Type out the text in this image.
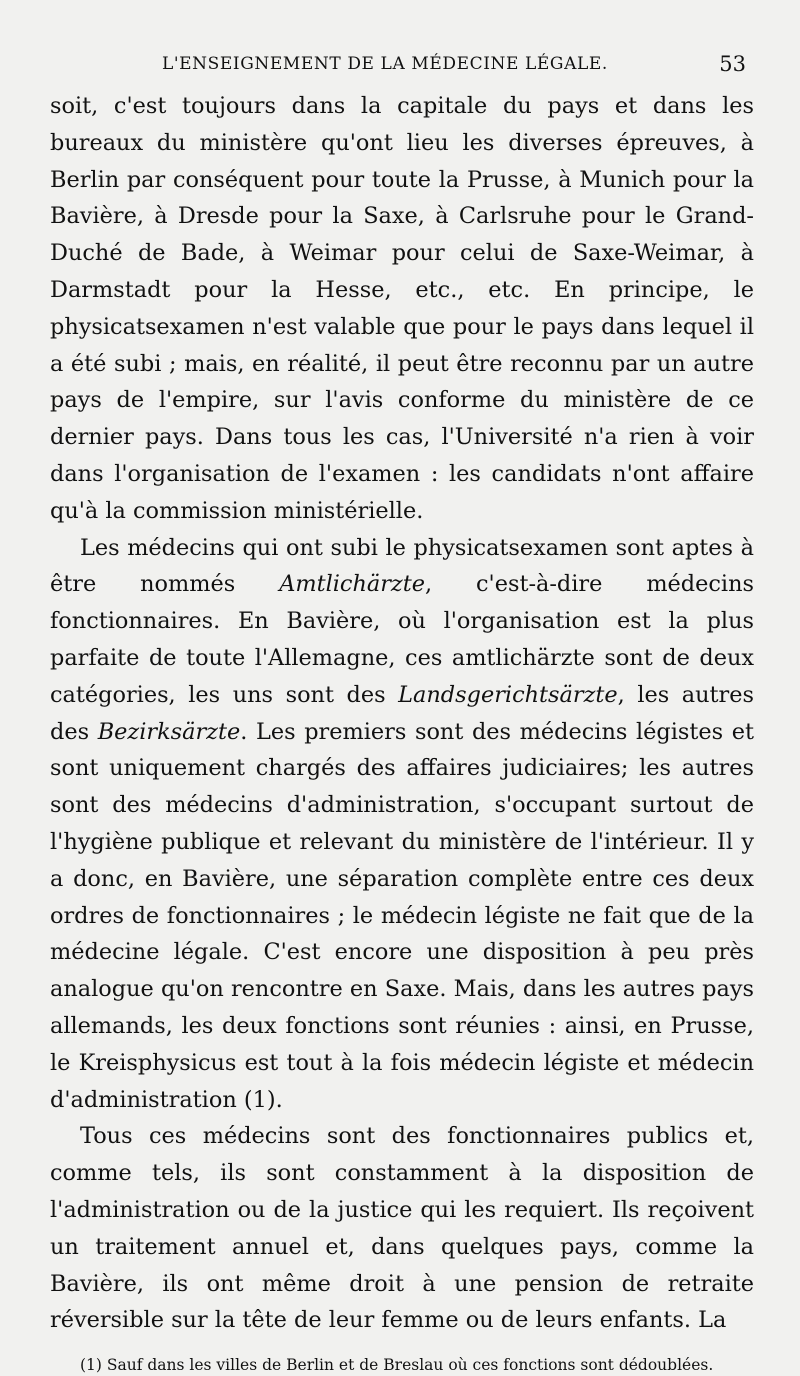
L'ENSEIGNEMENT DE LA MÉDECINE LÉGALE.	53

soit, c'est toujours dans la capitale du pays et dans les bureaux du ministère qu'ont lieu les diverses épreuves, à Berlin par conséquent pour toute la Prusse, à Munich pour la Bavière, à Dresde pour la Saxe, à Carlsruhe pour le Grand-Duché de Bade, à Weimar pour celui de Saxe-Weimar, à Darmstadt pour la Hesse, etc., etc. En principe, le physicatsexamen n'est valable que pour le pays dans lequel il a été subi ; mais, en réalité, il peut être reconnu par un autre pays de l'empire, sur l'avis conforme du ministère de ce dernier pays. Dans tous les cas, l'Université n'a rien à voir dans l'organisation de l'examen : les candidats n'ont affaire qu'à la commission ministérielle.

Les médecins qui ont subi le physicatsexamen sont aptes à être nommés Amtlichärzte, c'est-à-dire médecins fonctionnaires. En Bavière, où l'organisation est la plus parfaite de toute l'Allemagne, ces amtlichärzte sont de deux catégories, les uns sont des Landsgerichtsärzte, les autres des Bezirksärzte. Les premiers sont des médecins légistes et sont uniquement chargés des affaires judiciaires; les autres sont des médecins d'administration, s'occupant surtout de l'hygiène publique et relevant du ministère de l'intérieur. Il y a donc, en Bavière, une séparation complète entre ces deux ordres de fonctionnaires ; le médecin légiste ne fait que de la médecine légale. C'est encore une disposition à peu près analogue qu'on rencontre en Saxe. Mais, dans les autres pays allemands, les deux fonctions sont réunies : ainsi, en Prusse, le Kreisphysicus est tout à la fois médecin légiste et médecin d'administration (1).

Tous ces médecins sont des fonctionnaires publics et, comme tels, ils sont constamment à la disposition de l'administration ou de la justice qui les requiert. Ils reçoivent un traitement annuel et, dans quelques pays, comme la Bavière, ils ont même droit à une pension de retraite réversible sur la tête de leur femme ou de leurs enfants. La

(1) Sauf dans les villes de Berlin et de Breslau où ces fonctions sont dédoublées.
